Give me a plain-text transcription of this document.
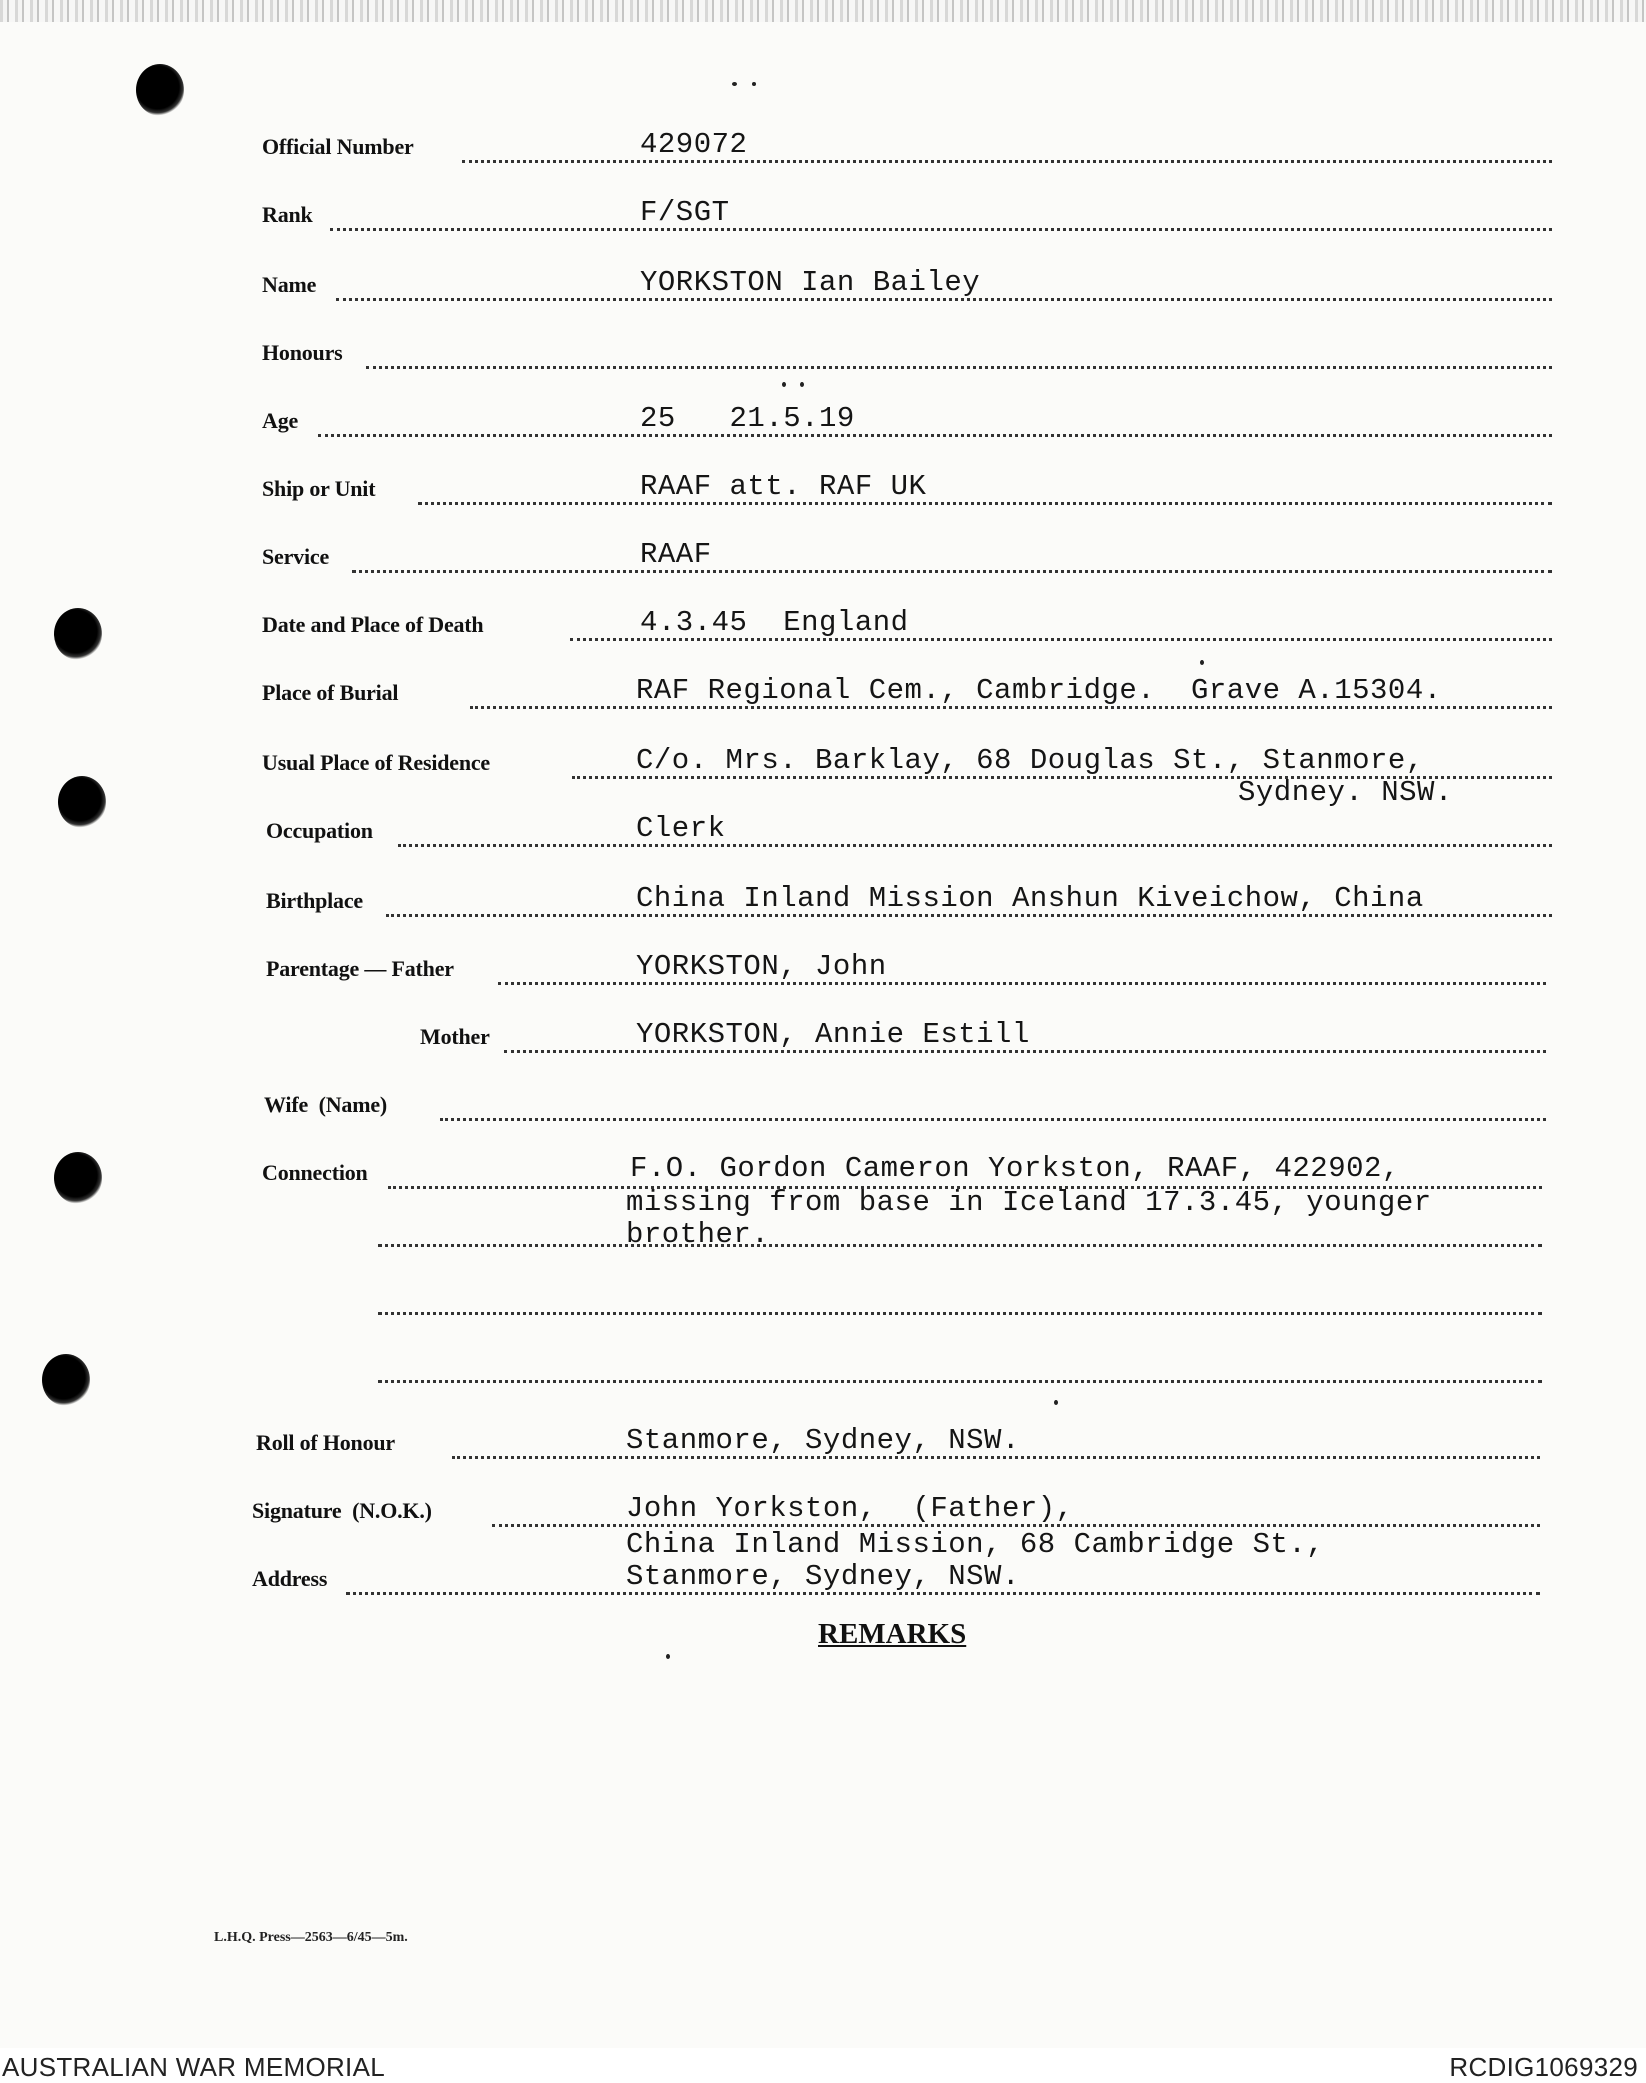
Official Number	429072
Rank	F/SGT
Name	YORKSTON Ian Bailey
Honours
Age	25   21.5.19
Ship or Unit	RAAF att. RAF UK
Service	RAAF
Date and Place of Death	4.3.45  England
Place of Burial	RAF Regional Cem., Cambridge.  Grave A.15304.
Usual Place of Residence	C/o. Mrs. Barklay, 68 Douglas St., Stanmore,
Sydney. NSW.
Occupation	Clerk
Birthplace	China Inland Mission Anshun Kiveichow, China
Parentage — Father	YORKSTON, John
Mother	YORKSTON, Annie Estill
Wife  (Name)
Connection	F.O. Gordon Cameron Yorkston, RAAF, 422902,
missing from base in Iceland 17.3.45, younger
brother.
Roll of Honour	Stanmore, Sydney, NSW.
Signature  (N.O.K.)	John Yorkston,  (Father),
China Inland Mission, 68 Cambridge St.,
Address	Stanmore, Sydney, NSW.
REMARKS
L.H.Q. Press—2563—6/45—5m.
AUSTRALIAN WAR MEMORIAL	RCDIG1069329
